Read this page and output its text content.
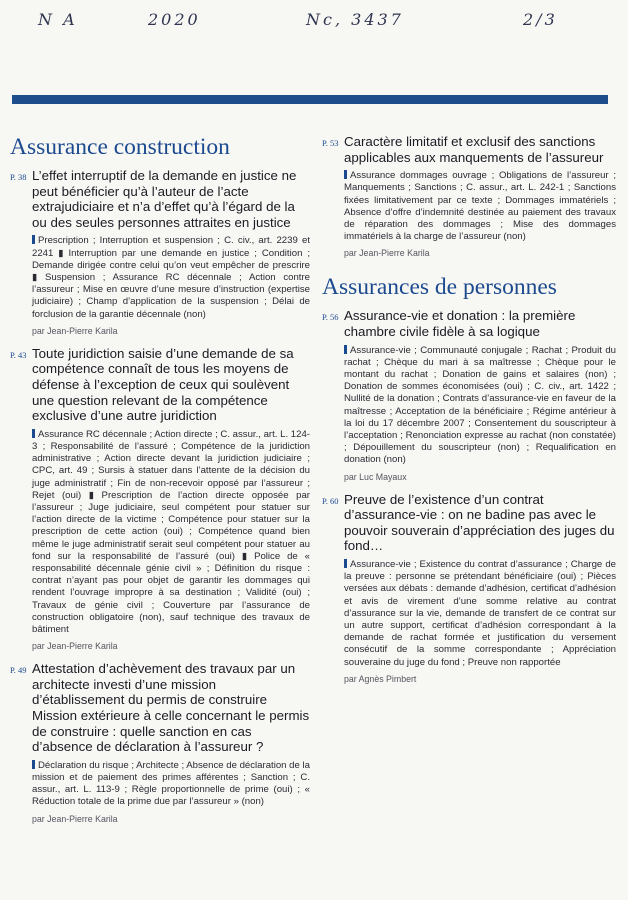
N A	2020	Nc, 3437	2/3
Assurance construction
P. 38 L’effet interruptif de la demande en justice ne peut bénéficier qu’à l’auteur de l’acte extrajudiciaire et n’a d’effet qu’à l’égard de la ou des seules personnes attraites en justice
Prescription ; Interruption et suspension ; C. civ., art. 2239 et 2241 ▮ Interruption par une demande en justice ; Condition ; Demande dirigée contre celui qu’on veut empêcher de prescrire ▮ Suspension ; Assurance RC décennale ; Action contre l’assureur ; Mise en œuvre d’une mesure d’instruction (expertise judiciaire) ; Champ d’application de la suspension ; Délai de forclusion de la garantie décennale (non)
par Jean-Pierre Karila
P. 43 Toute juridiction saisie d’une demande de sa compétence connaît de tous les moyens de défense à l’exception de ceux qui soulèvent une question relevant de la compétence exclusive d’une autre juridiction
Assurance RC décennale ; Action directe ; C. assur., art. L. 124-3 ; Responsabilité de l’assuré ; Compétence de la juridiction administrative ; Action directe devant la juridiction judiciaire ; CPC, art. 49 ; Sursis à statuer dans l’attente de la décision du juge administratif ; Fin de non-recevoir opposé par l’assureur ; Rejet (oui) ▮ Prescription de l’action directe opposée par l’assureur ; Juge judiciaire, seul compétent pour statuer sur l’action directe de la victime ; Compétence pour statuer sur la prescription de cette action (oui) ; Compétence quand bien même le juge administratif serait seul compétent pour statuer au fond sur la responsabilité de l’assuré (oui) ▮ Police de « responsabilité décennale génie civil » ; Définition du risque : contrat n’ayant pas pour objet de garantir les dommages qui rendent l’ouvrage impropre à sa destination ; Validité (oui) ; Travaux de génie civil ; Couverture par l’assurance de construction obligatoire (non), sauf technique des travaux de bâtiment
par Jean-Pierre Karila
P. 49 Attestation d’achèvement des travaux par un architecte investi d’une mission d’établissement du permis de construire Mission extérieure à celle concernant le permis de construire : quelle sanction en cas d’absence de déclaration à l’assureur ?
Déclaration du risque ; Architecte ; Absence de déclaration de la mission et de paiement des primes afférentes ; Sanction ; C. assur., art. L. 113-9 ; Règle proportionnelle de prime (oui) ; « Réduction totale de la prime due par l’assureur » (non)
par Jean-Pierre Karila
P. 53 Caractère limitatif et exclusif des sanctions applicables aux manquements de l’assureur
Assurance dommages ouvrage ; Obligations de l’assureur ; Manquements ; Sanctions ; C. assur., art. L. 242-1 ; Sanctions fixées limitativement par ce texte ; Dommages immatériels ; Absence d’offre d’indemnité destinée au paiement des travaux de réparation des dommages ; Mise des dommages immatériels à la charge de l’assureur (non)
par Jean-Pierre Karila
Assurances de personnes
P. 56 Assurance-vie et donation : la première chambre civile fidèle à sa logique
Assurance-vie ; Communauté conjugale ; Rachat ; Produit du rachat ; Chèque du mari à sa maîtresse ; Chèque pour le montant du rachat ; Donation de gains et salaires (non) ; Donation de sommes économisées (oui) ; C. civ., art. 1422 ; Nullité de la donation ; Contrats d’assurance-vie en faveur de la maîtresse ; Acceptation de la bénéficiaire ; Régime antérieur à la loi du 17 décembre 2007 ; Consentement du souscripteur à l’acceptation ; Renonciation expresse au rachat (non constatée) ; Dépouillement du souscripteur (non) ; Requalification en donation (non)
par Luc Mayaux
P. 60 Preuve de l’existence d’un contrat d’assurance-vie : on ne badine pas avec le pouvoir souverain d’appréciation des juges du fond…
Assurance-vie ; Existence du contrat d’assurance ; Charge de la preuve : personne se prétendant bénéficiaire (oui) ; Pièces versées aux débats : demande d’adhésion, certificat d’adhésion et avis de virement d’une somme relative au contrat d’assurance sur la vie, demande de transfert de ce contrat sur un autre support, certificat d’adhésion correspondant à la demande de rachat formée et justification du versement consécutif de la somme correspondante ; Appréciation souveraine du juge du fond ; Preuve non rapportée
par Agnès Pimbert
